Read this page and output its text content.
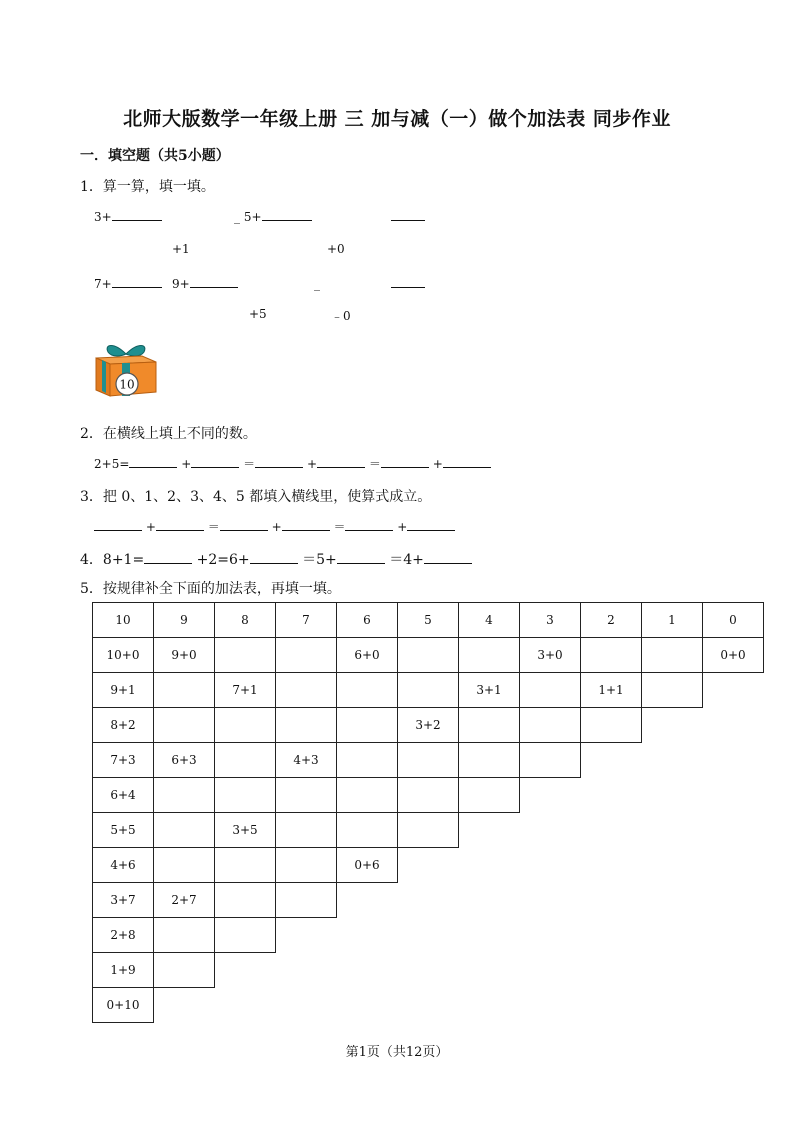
北师大版数学一年级上册 三 加与减（一）做个加法表 同步作业
一．填空题（共5小题）
1．算一算，填一填。
3+	_ 5+
+1	+0
7+	9+	_
+5	﹣0
10
2．在横线上填上不同的数。
2+5=	+	＝	+	＝	+
3．把 0、1、2、3、4、5 都填入横线里，使算式成立。
+	＝	+	＝	+
4．8+1=	+2=6+	＝5+	＝4+
5．按规律补全下面的加法表，再填一填。
10	9	8	7	6	5	4	3	2	1	0
10+0	9+0			6+0			3+0			0+0
9+1		7+1				3+1		1+1		
8+2					3+2					
7+3	6+3		4+3							
6+4										
5+5		3+5								
4+6				0+6						
3+7	2+7									
2+8										
1+9										
0+10										
第1页（共12页）
